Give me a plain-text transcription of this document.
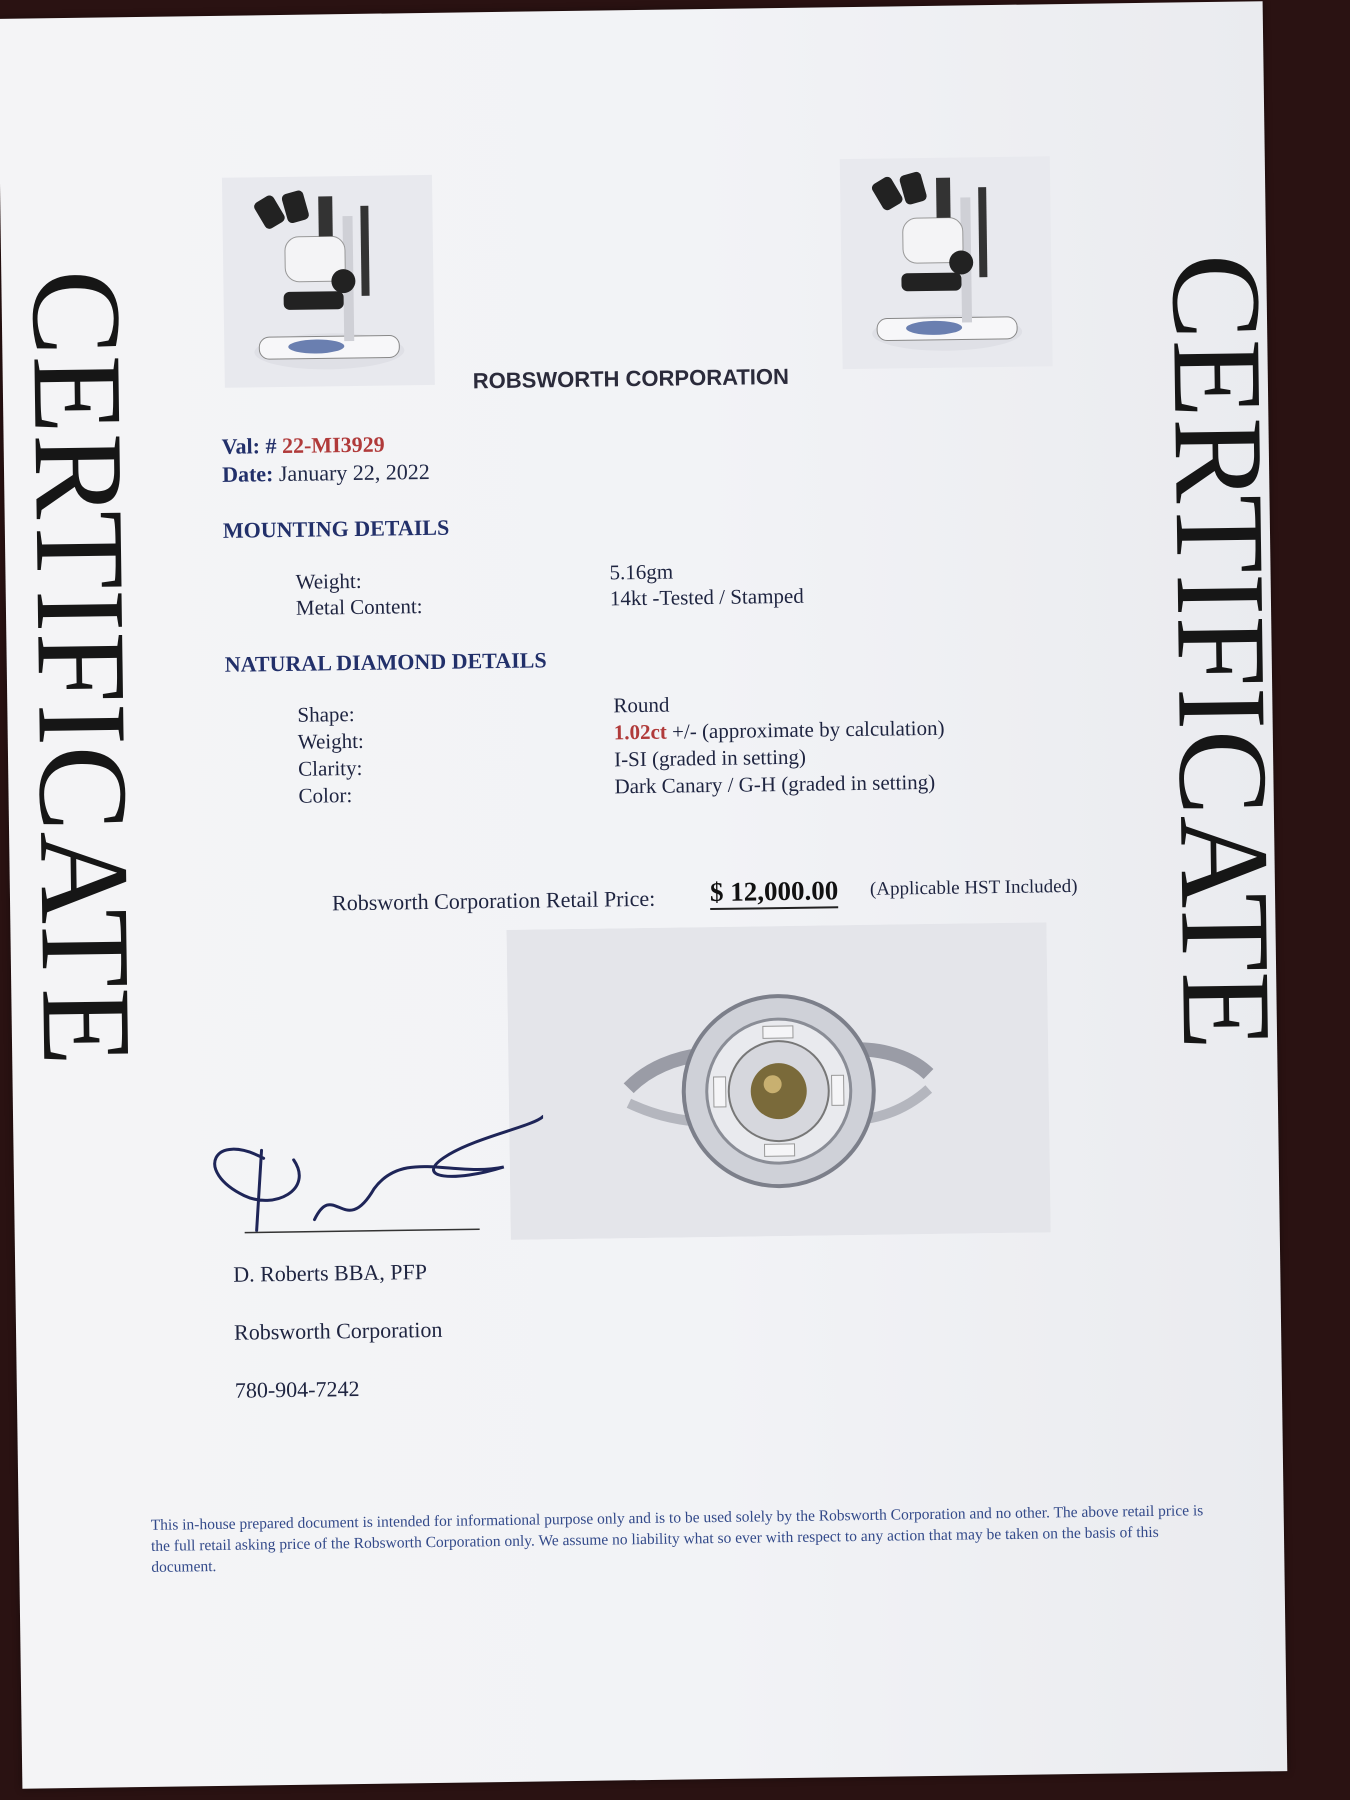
CERTIFICATE	CERTIFICATE
ROBSWORTH CORPORATION
Val: # 22-MI3929
Date: January 22, 2022
MOUNTING DETAILS
Weight:	5.16gm
Metal Content:	14kt -Tested / Stamped
NATURAL DIAMOND DETAILS
Shape:	Round
Weight:	1.02ct +/- (approximate by calculation)
Clarity:	I-SI (graded in setting)
Color:	Dark Canary / G-H (graded in setting)
Robsworth Corporation Retail Price: $ 12,000.00 (Applicable HST Included)
D. Roberts BBA, PFP
Robsworth Corporation
780-904-7242
This in-house prepared document is intended for informational purpose only and is to be used solely by the Robsworth Corporation and no other. The above retail price is the full retail asking price of the Robsworth Corporation only. We assume no liability what so ever with respect to any action that may be taken on the basis of this document.
